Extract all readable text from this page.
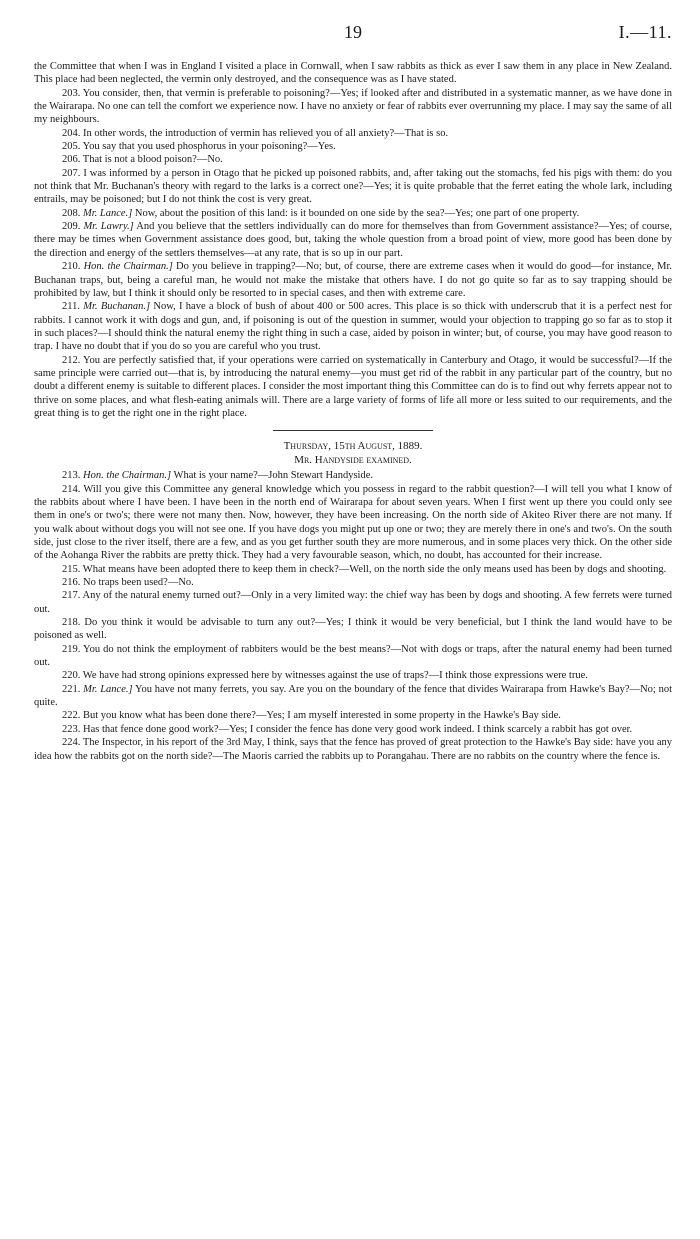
19	I.—11.

the Committee that when I was in England I visited a place in Cornwall, when I saw rabbits as thick as ever I saw them in any place in New Zealand. This place had been neglected, the vermin only destroyed, and the consequence was as I have stated.

203. You consider, then, that vermin is preferable to poisoning?—Yes; if looked after and distributed in a systematic manner, as we have done in the Wairarapa. No one can tell the comfort we experience now. I have no anxiety or fear of rabbits ever overrunning my place. I may say the same of all my neighbours.

204. In other words, the introduction of vermin has relieved you of all anxiety?—That is so.

205. You say that you used phosphorus in your poisoning?—Yes.

206. That is not a blood poison?—No.

207. I was informed by a person in Otago that he picked up poisoned rabbits, and, after taking out the stomachs, fed his pigs with them: do you not think that Mr. Buchanan's theory with regard to the larks is a correct one?—Yes; it is quite probable that the ferret eating the whole lark, including entrails, may be poisoned; but I do not think the cost is very great.

208. Mr. Lance.] Now, about the position of this land: is it bounded on one side by the sea?—Yes; one part of one property.

209. Mr. Lawry.] And you believe that the settlers individually can do more for themselves than from Government assistance?—Yes; of course, there may be times when Government assistance does good, but, taking the whole question from a broad point of view, more good has been done by the direction and energy of the settlers themselves—at any rate, that is so up in our part.

210. Hon. the Chairman.] Do you believe in trapping?—No; but, of course, there are extreme cases when it would do good—for instance, Mr. Buchanan traps, but, being a careful man, he would not make the mistake that others have. I do not go quite so far as to say trapping should be prohibited by law, but I think it should only be resorted to in special cases, and then with extreme care.

211. Mr. Buchanan.] Now, I have a block of bush of about 400 or 500 acres. This place is so thick with underscrub that it is a perfect nest for rabbits. I cannot work it with dogs and gun, and, if poisoning is out of the question in summer, would your objection to trapping go so far as to stop it in such places?—I should think the natural enemy the right thing in such a case, aided by poison in winter; but, of course, you may have good reason to trap. I have no doubt that if you do so you are careful who you trust.

212. You are perfectly satisfied that, if your operations were carried on systematically in Canterbury and Otago, it would be successful?—If the same principle were carried out—that is, by introducing the natural enemy—you must get rid of the rabbit in any particular part of the country, but no doubt a different enemy is suitable to different places. I consider the most important thing this Committee can do is to find out why ferrets appear not to thrive on some places, and what flesh-eating animals will. There are a large variety of forms of life all more or less suited to our requirements, and the great thing is to get the right one in the right place.

Thursday, 15th August, 1889.

Mr. Handyside examined.

213. Hon. the Chairman.] What is your name?—John Stewart Handyside.

214. Will you give this Committee any general knowledge which you possess in regard to the rabbit question?—I will tell you what I know of the rabbits about where I have been. I have been in the north end of Wairarapa for about seven years. When I first went up there you could only see them in one's or two's; there were not many then. Now, however, they have been increasing. On the north side of Akiteo River there are not many. If you walk about without dogs you will not see one. If you have dogs you might put up one or two; they are merely there in one's and two's. On the south side, just close to the river itself, there are a few, and as you get further south they are more numerous, and in some places very thick. On the other side of the Aohanga River the rabbits are pretty thick. They had a very favourable season, which, no doubt, has accounted for their increase.

215. What means have been adopted there to keep them in check?—Well, on the north side the only means used has been by dogs and shooting.

216. No traps been used?—No.

217. Any of the natural enemy turned out?—Only in a very limited way: the chief way has been by dogs and shooting. A few ferrets were turned out.

218. Do you think it would be advisable to turn any out?—Yes; I think it would be very beneficial, but I think the land would have to be poisoned as well.

219. You do not think the employment of rabbiters would be the best means?—Not with dogs or traps, after the natural enemy had been turned out.

220. We have had strong opinions expressed here by witnesses against the use of traps?—I think those expressions were true.

221. Mr. Lance.] You have not many ferrets, you say. Are you on the boundary of the fence that divides Wairarapa from Hawke's Bay?—No; not quite.

222. But you know what has been done there?—Yes; I am myself interested in some property in the Hawke's Bay side.

223. Has that fence done good work?—Yes; I consider the fence has done very good work indeed. I think scarcely a rabbit has got over.

224. The Inspector, in his report of the 3rd May, I think, says that the fence has proved of great protection to the Hawke's Bay side: have you any idea how the rabbits got on the north side?—The Maoris carried the rabbits up to Porangahau. There are no rabbits on the country where the fence is.
